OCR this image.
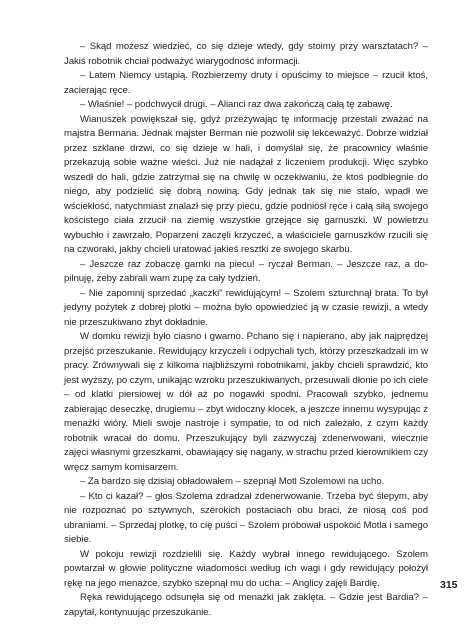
– Skąd możesz wiedzieć, co się dzieje wtedy, gdy stoimy przy warsztatach? – Jakiś robotnik chciał podważyć wiarygodność informacji.

– Latem Niemcy ustąpią. Rozbierzemy druty i opuścimy to miejsce – rzucił ktoś, zacierając ręce.

– Właśnie! – podchwycił drugi. – Alianci raz dwa zakończą całą tę zabawę.

Wianuszek powiększał się, gdyż przeżywając tę informację przestali zważać na majstra Bermana. Jednak majster Berman nie pozwolił się lekceważyć. Dobrze widział przez szklane drzwi, co się dzieje w hali, i domyślał się, że pracownicy właśnie przekazują sobie ważne wieści. Już nie nadążał z liczeniem produkcji. Więc szybko wszedł do hali, gdzie zatrzymał się na chwilę w oczekiwaniu, że ktoś podbiegnie do niego, aby podzielić się dobrą nowiną. Gdy jednak tak się nie stało, wpadł we wściekłość, natychmiast znalazł się przy piecu, gdzie podniósł ręce i całą siłą swojego kościstego ciała zrzucił na ziemię wszystkie grzejące się garnuszki. W powietrzu wybuchło i zawrzało. Poparzeni zaczęli krzyczeć, a właściciele garnuszków rzucili się na czworaki, jakby chcieli uratować jakieś resztki ze swojego skarbu.

– Jeszcze raz zobaczę garnki na piecu! – ryczał Berman. – Jeszcze raz, a dopilnuję, żeby zabrali wam zupę za cały tydzień.

– Nie zapomnij sprzedać „kaczki” rewidującym! – Szolem szturchnął brata. To był jedyny pożytek z dobrej plotki – można było opowiedzieć ją w czasie rewizji, a wtedy nie przeszukiwano zbyt dokładnie.

W domku rewizji było ciasno i gwarno. Pchano się i napierano, aby jak najprędzej przejść przeszukanie. Rewidujący krzyczeli i odpychali tych, którzy przeszkadzali im w pracy. Zrównywali się z kilkoma najbliższymi robotnikami, jakby chcieli sprawdzić, kto jest wyższy, po czym, unikając wzroku przeszukiwanych, przesuwali dłonie po ich ciele – od klatki piersiowej w dół aż po nogawki spodni. Pracowali szybko, jednemu zabierając deseczkę, drugiemu – zbyt widoczny klocek, a jeszcze innemu wysypując z menażki wióry. Mieli swoje nastroje i sympatie, to od nich zależało, z czym każdy robotnik wracał do domu. Przeszukujący byli zazwyczaj zdenerwowani, wiecznie zajęci własnymi grzeszkami, obawiający się nagany, w strachu przed kierownikiem czy wręcz samym komisarzem.

– Za bardzo się dzisiaj obładowałem – szepnął Motl Szolemowi na ucho.

– Kto ci kazał? – głos Szolema zdradzał zdenerwowanie. Trzeba być ślepym, aby nie rozpoznać po sztywnych, szerokich postaciach obu braci, że niosą coś pod ubraniami. – Sprzedaj plotkę, to cię puści – Szolem próbował uspokoić Motla i samego siebie.

W pokoju rewizji rozdzielili się. Każdy wybrał innego rewidującego. Szolem powtarzał w głowie polityczne wiadomości według ich wagi i gdy rewidujący położył rękę na jego menażce, szybko szepnął mu do ucha: – Anglicy zajęli Bardię.

Ręka rewidującego odsunęła się od menażki jak zaklęta. – Gdzie jest Bardia? – zapytał, kontynuując przeszukanie.

315
